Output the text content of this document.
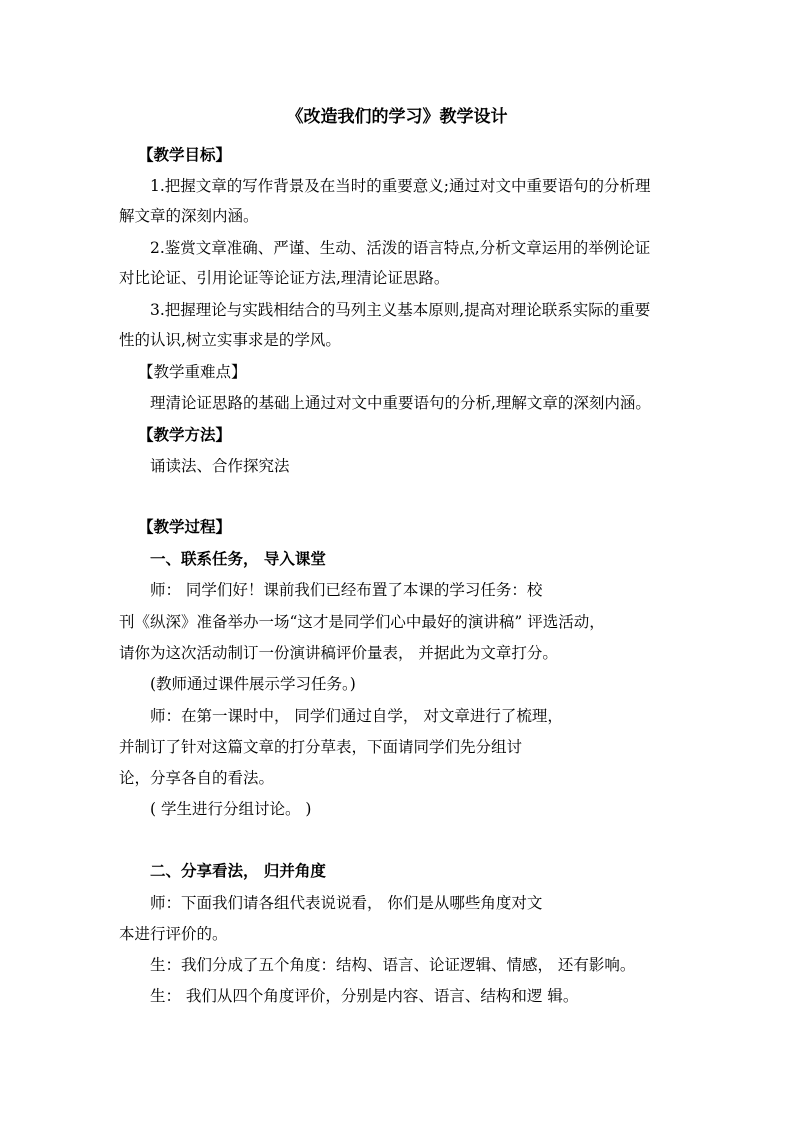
《改造我们的学习》教学设计

【教学目标】

1.把握文章的写作背景及在当时的重要意义;通过对文中重要语句的分析理

解文章的深刻内涵。

2.鉴赏文章准确、严谨、生动、活泼的语言特点,分析文章运用的举例论证

对比论证、引用论证等论证方法,理清论证思路。

3.把握理论与实践相结合的马列主义基本原则,提高对理论联系实际的重要

性的认识,树立实事求是的学风。

【教学重难点】

理清论证思路的基础上通过对文中重要语句的分析,理解文章的深刻内涵。

【教学方法】

诵读法、合作探究法

【教学过程】

一、联系任务， 导入课堂

师： 同学们好！课前我们已经布置了本课的学习任务：校

刊《纵深》准备举办一场“这才是同学们心中最好的演讲稿” 评选活动，

请你为这次活动制订一份演讲稿评价量表， 并据此为文章打分。

(教师通过课件展示学习任务。)

师：在第一课时中， 同学们通过自学， 对文章进行了梳理，

并制订了针对这篇文章的打分草表，下面请同学们先分组讨

论，分享各自的看法。

( 学生进行分组讨论。 )

二、分享看法， 归并角度

师：下面我们请各组代表说说看， 你们是从哪些角度对文

本进行评价的。

生：我们分成了五个角度：结构、语言、论证逻辑、情感， 还有影响。

生： 我们从四个角度评价，分别是内容、语言、结构和逻 辑。
